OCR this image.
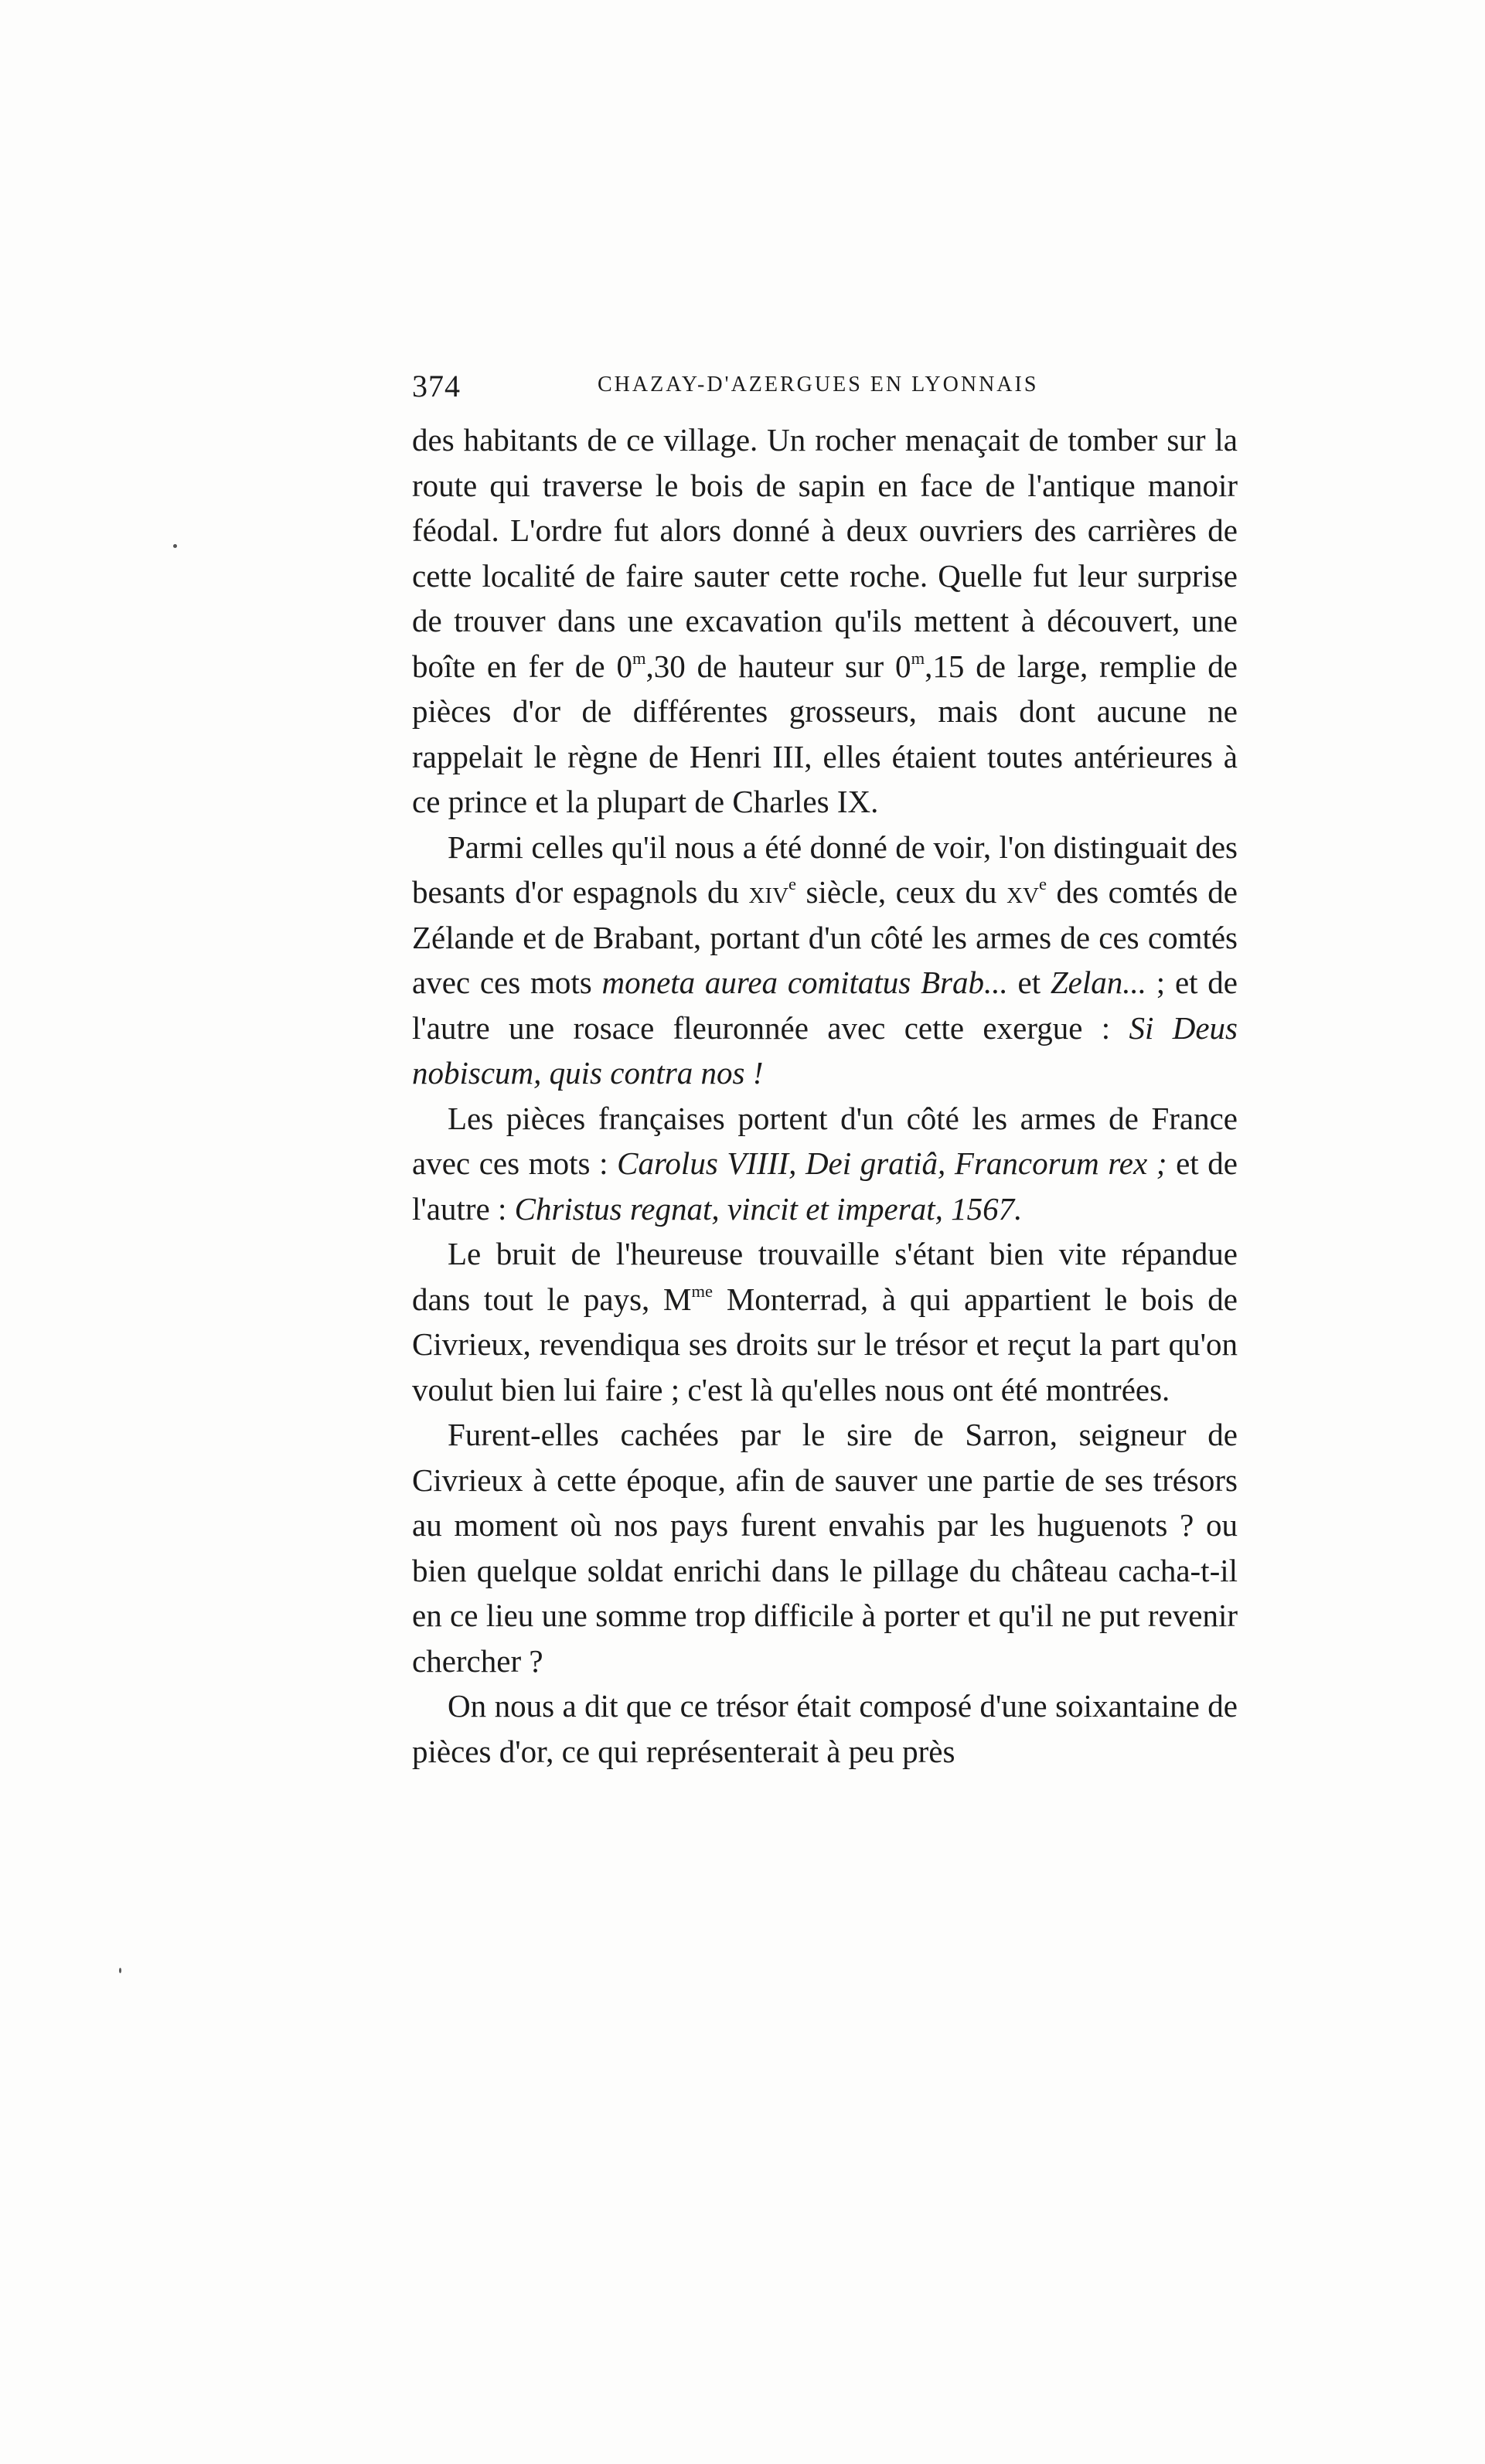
374	CHAZAY-D'AZERGUES EN LYONNAIS

des habitants de ce village. Un rocher menaçait de tomber sur la route qui traverse le bois de sapin en face de l'antique manoir féodal. L'ordre fut alors donné à deux ouvriers des carrières de cette localité de faire sauter cette roche. Quelle fut leur surprise de trouver dans une excavation qu'ils mettent à découvert, une boîte en fer de 0$^m$,30 de hauteur sur 0$^m$,15 de large, remplie de pièces d'or de différentes grosseurs, mais dont aucune ne rappelait le règne de Henri III, elles étaient toutes antérieures à ce prince et la plupart de Charles IX.

Parmi celles qu'il nous a été donné de voir, l'on distinguait des besants d'or espagnols du xiv$^e$ siècle, ceux du $xv^e$ des comtés de Zélande et de Brabant, portant d'un côté les armes de ces comtés avec ces mots moneta aurea comitatus Brab... et Zelan... ; et de l'autre une rosace fleuronnée avec cette exergue : Si Deus nobiscum, quis contra nos !

Les pièces françaises portent d'un côté les armes de France avec ces mots : Carolus VIIII, Dei gratiâ, Francorum rex ; et de l'autre : Christus regnat, vincit et imperat, 1567.

Le bruit de l'heureuse trouvaille s'étant bien vite répandue dans tout le pays, $M^{me}$ Monterrad, à qui appartient le bois de Civrieux, revendiqua ses droits sur le trésor et reçut la part qu'on voulut bien lui faire ; c'est là qu'elles nous ont été montrées.

Furent-elles cachées par le sire de Sarron, seigneur de Civrieux à cette époque, afin de sauver une partie de ses trésors au moment où nos pays furent envahis par les huguenots ? ou bien quelque soldat enrichi dans le pillage du château cacha-t-il en ce lieu une somme trop difficile à porter et qu'il ne put revenir chercher ?

On nous a dit que ce trésor était composé d'une soixantaine de pièces d'or, ce qui représenterait à peu près
